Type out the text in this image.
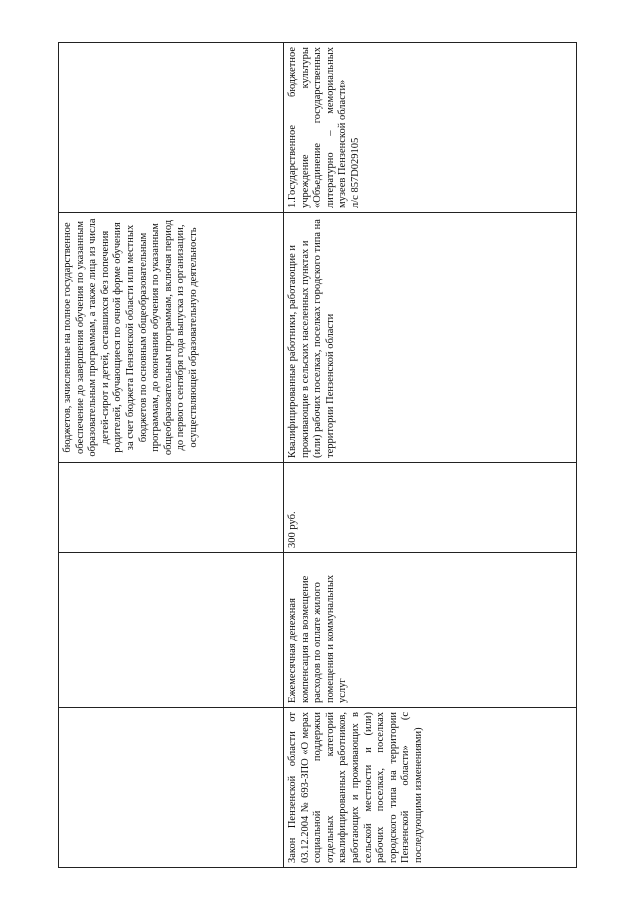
			бюджетов, зачисленные на полное государственное обеспечение до завершения обучения по указанным образовательным программам, а также лица из числа детей-сирот и детей, оставшихся без попечения родителей, обучающиеся по очной форме обучения за счет бюджета Пензенской области или местных бюджетов по основным общеобразовательным программам, до окончания обучения по указанным общеобразовательным программам, включая период до первого сентября года выпуска из организации, осуществляющей образовательную деятельность	
Закон Пензенской области от 03.12.2004 № 693-ЗПО «О мерах социальной поддержки отдельных категорий квалифицированных работников, работающих и проживающих в сельской местности и (или) рабочих поселках, поселках городского типа на территории Пензенской области» (с последующими изменениями)	Ежемесячная денежная компенсация на возмещение расходов по оплате жилого помещения и коммунальных услуг	300 руб.	Квалифицированные работники, работающие и проживающие в сельских населенных пунктах и (или) рабочих поселках, поселках городского типа на территории Пензенской области	1.Государственное бюджетное учреждение культуры «Объединение государственных литературно – мемориальных музеев Пензенской области» л/с 857D029105
